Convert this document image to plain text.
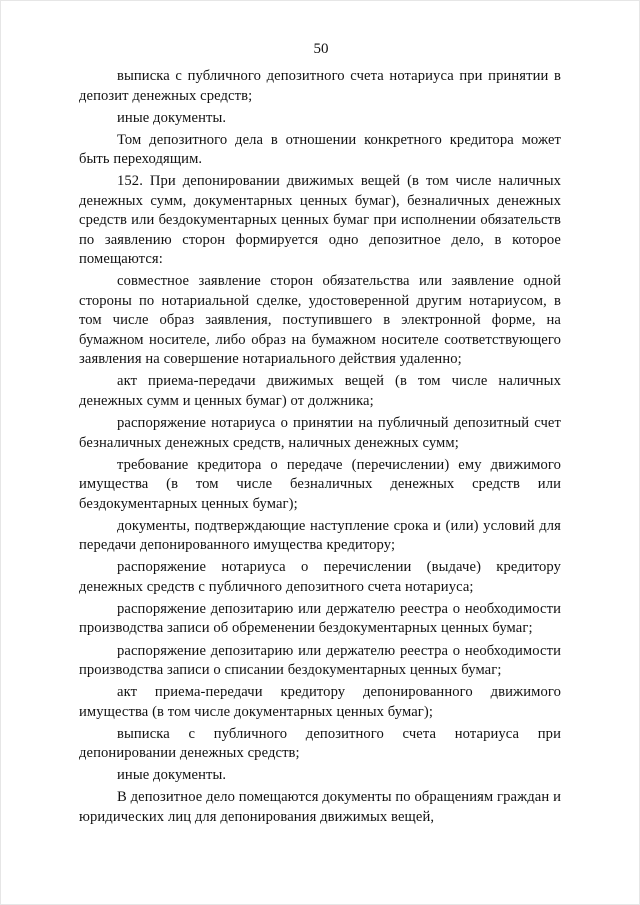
50

выписка с публичного депозитного счета нотариуса при принятии в депозит денежных средств;

иные документы.

Том депозитного дела в отношении конкретного кредитора может быть переходящим.

152. При депонировании движимых вещей (в том числе наличных денежных сумм, документарных ценных бумаг), безналичных денежных средств или бездокументарных ценных бумаг при исполнении обязательств по заявлению сторон формируется одно депозитное дело, в которое помещаются:

совместное заявление сторон обязательства или заявление одной стороны по нотариальной сделке, удостоверенной другим нотариусом, в том числе образ заявления, поступившего в электронной форме, на бумажном носителе, либо образ на бумажном носителе соответствующего заявления на совершение нотариального действия удаленно;

акт приема-передачи движимых вещей (в том числе наличных денежных сумм и ценных бумаг) от должника;

распоряжение нотариуса о принятии на публичный депозитный счет безналичных денежных средств, наличных денежных сумм;

требование кредитора о передаче (перечислении) ему движимого имущества (в том числе безналичных денежных средств или бездокументарных ценных бумаг);

документы, подтверждающие наступление срока и (или) условий для передачи депонированного имущества кредитору;

распоряжение нотариуса о перечислении (выдаче) кредитору денежных средств с публичного депозитного счета нотариуса;

распоряжение депозитарию или держателю реестра о необходимости производства записи об обременении бездокументарных ценных бумаг;

распоряжение депозитарию или держателю реестра о необходимости производства записи о списании бездокументарных ценных бумаг;

акт приема-передачи кредитору депонированного движимого имущества (в том числе документарных ценных бумаг);

выписка с публичного депозитного счета нотариуса при депонировании денежных средств;

иные документы.

В депозитное дело помещаются документы по обращениям граждан и юридических лиц для депонирования движимых вещей,
